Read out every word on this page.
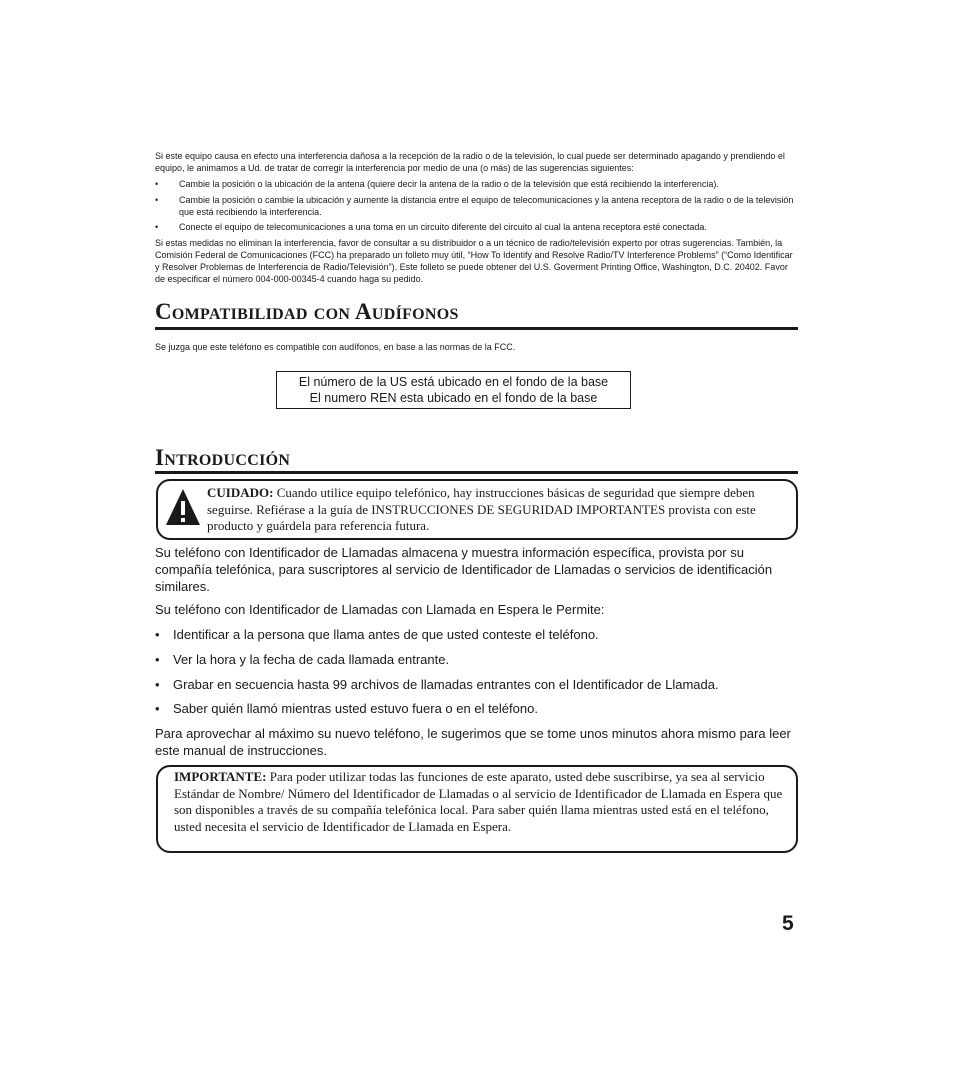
Si este equipo causa en efecto una interferencia dañosa a la recepción de la radio o de la televisión, lo cual puede ser determinado apagando y prendiendo el equipo, le animamos a Ud. de tratar de corregir la interferencia por medio de una (o más) de las sugerencias siguientes:
•	Cambie la posición o la ubicación de la antena (quiere decir la antena de la radio o de la televisión que está recibiendo la interferencia).
•	Cambie la posición o cambie la ubicación y aumente la distancia entre el equipo de telecomunicaciones y la antena receptora de la radio o de la televisión que está recibiendo la interferencia.
•	Conecte el equipo de telecomunicaciones a una toma en un circuito diferente del circuito al cual la antena receptora esté conectada.
Si estas medidas no eliminan la interferencia, favor de consultar a su distribuidor o a un técnico de radio/televisión experto por otras sugerencias. También, la Comisión Federal de Comunicaciones (FCC) ha preparado un folleto muy útil, “How To Identify and Resolve Radio/TV Interference Problems” (“Como Identificar y Resolver Problemas de Interferencia de Radio/Televisión”). Este folleto se puede obtener del U.S. Goverment Printing Office, Washington, D.C. 20402. Favor de especificar el número 004-000-00345-4 cuando haga su pedido.
Compatibilidad con Audífonos
Se juzga que este teléfono es compatible con audífonos, en base a las normas de la FCC.
El número de la US está ubicado en el fondo de la base
El numero REN esta ubicado en el fondo de la base
Introducción
CUIDADO: Cuando utilice equipo telefónico, hay instrucciones básicas de seguridad que siempre deben seguirse. Refiérase a la guía de INSTRUCCIONES DE SEGURIDAD IMPORTANTES provista con este producto y guárdela para referencia futura.
Su teléfono con Identificador de Llamadas almacena y muestra información específica, provista por su compañía telefónica, para suscriptores al servicio de Identificador de Llamadas o servicios de identificación similares.
Su teléfono con Identificador de Llamadas con Llamada en Espera le Permite:
•	Identificar a la persona que llama antes de que usted conteste el teléfono.
•	Ver la hora y la fecha de cada llamada entrante.
•	Grabar en secuencia hasta 99 archivos de llamadas entrantes con el Identificador de Llamada.
•	Saber quién llamó mientras usted estuvo fuera o en el teléfono.
Para aprovechar al máximo su nuevo teléfono, le sugerimos que se tome unos minutos ahora mismo para leer este manual de instrucciones.
IMPORTANTE: Para poder utilizar todas las funciones de este aparato, usted debe suscribirse, ya sea al servicio Estándar de Nombre/ Número del Identificador de Llamadas o al servicio de Identificador de Llamada en Espera que son disponibles a través de su compañía telefónica local. Para saber quién llama mientras usted está en el teléfono, usted necesita el servicio de Identificador de Llamada en Espera.
5
